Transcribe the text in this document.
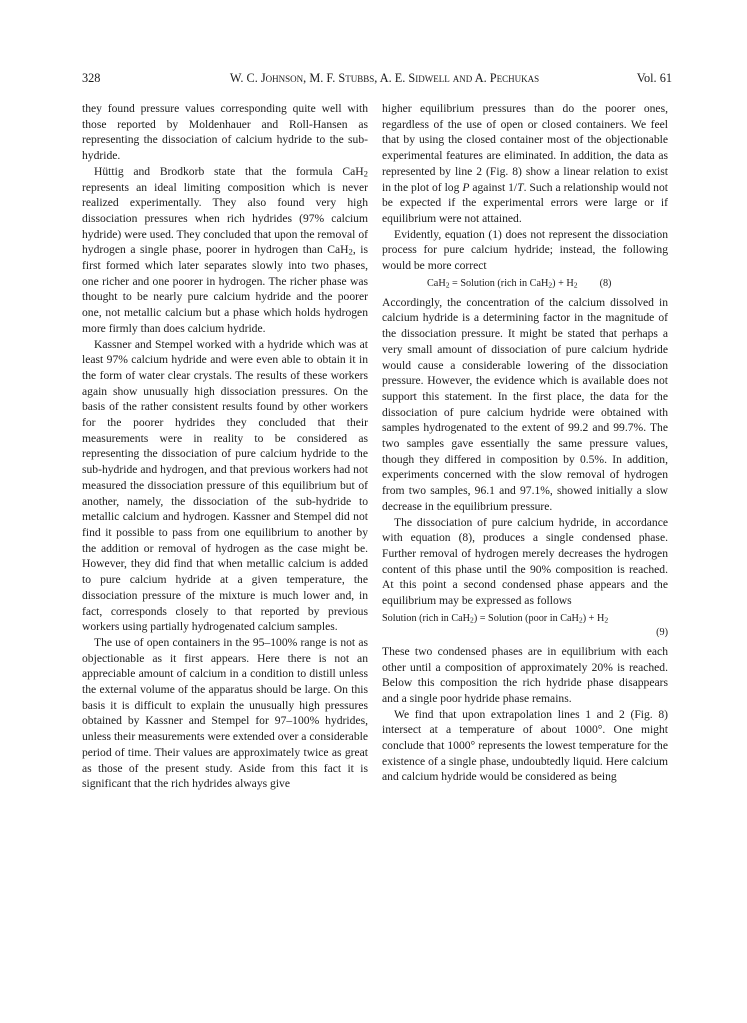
328	W. C. Johnson, M. F. Stubbs, A. E. Sidwell and A. Pechukas	Vol. 61

they found pressure values corresponding quite well with those reported by Moldenhauer and Roll-Hansen as representing the dissociation of calcium hydride to the sub-hydride.

Hüttig and Brodkorb state that the formula CaH$_2$ represents an ideal limiting composition which is never realized experimentally. They also found very high dissociation pressures when rich hydrides (97% calcium hydride) were used. They concluded that upon the removal of hydrogen a single phase, poorer in hydrogen than CaH$_2$, is first formed which later separates slowly into two phases, one richer and one poorer in hydrogen. The richer phase was thought to be nearly pure calcium hydride and the poorer one, not metallic calcium but a phase which holds hydrogen more firmly than does calcium hydride.

Kassner and Stempel worked with a hydride which was at least 97% calcium hydride and were even able to obtain it in the form of water clear crystals. The results of these workers again show unusually high dissociation pressures. On the basis of the rather consistent results found by other workers for the poorer hydrides they concluded that their measurements were in reality to be considered as representing the dissociation of pure calcium hydride to the sub-hydride and hydrogen, and that previous workers had not measured the dissociation pressure of this equilibrium but of another, namely, the dissociation of the sub-hydride to metallic calcium and hydrogen. Kassner and Stempel did not find it possible to pass from one equilibrium to another by the addition or removal of hydrogen as the case might be. However, they did find that when metallic calcium is added to pure calcium hydride at a given temperature, the dissociation pressure of the mixture is much lower and, in fact, corresponds closely to that reported by previous workers using partially hydrogenated calcium samples.

The use of open containers in the 95–100% range is not as objectionable as it first appears. Here there is not an appreciable amount of calcium in a condition to distill unless the external volume of the apparatus should be large. On this basis it is difficult to explain the unusually high pressures obtained by Kassner and Stempel for 97–100% hydrides, unless their measurements were extended over a considerable period of time. Their values are approximately twice as great as those of the present study. Aside from this fact it is significant that the rich hydrides always give

higher equilibrium pressures than do the poorer ones, regardless of the use of open or closed containers. We feel that by using the closed container most of the objectionable experimental features are eliminated. In addition, the data as represented by line 2 (Fig. 8) show a linear relation to exist in the plot of log P against 1/T. Such a relationship would not be expected if the experimental errors were large or if equilibrium were not attained.

Evidently, equation (1) does not represent the dissociation process for pure calcium hydride; instead, the following would be more correct

CaH$_2$ = Solution (rich in $CaH_2) + H_2$ (8)

Accordingly, the concentration of the calcium dissolved in calcium hydride is a determining factor in the magnitude of the dissociation pressure. It might be stated that perhaps a very small amount of dissociation of pure calcium hydride would cause a considerable lowering of the dissociation pressure. However, the evidence which is available does not support this statement. In the first place, the data for the dissociation of pure calcium hydride were obtained with samples hydrogenated to the extent of 99.2 and 99.7%. The two samples gave essentially the same pressure values, though they differed in composition by 0.5%. In addition, experiments concerned with the slow removal of hydrogen from two samples, 96.1 and 97.1%, showed initially a slow decrease in the equilibrium pressure.

The dissociation of pure calcium hydride, in accordance with equation (8), produces a single condensed phase. Further removal of hydrogen merely decreases the hydrogen content of this phase until the 90% composition is reached. At this point a second condensed phase appears and the equilibrium may be expressed as follows

Solution (rich in CaH$_2$) = Solution (poor in $CaH_2) + H_2$
(9)

These two condensed phases are in equilibrium with each other until a composition of approximately 20% is reached. Below this composition the rich hydride phase disappears and a single poor hydride phase remains.

We find that upon extrapolation lines 1 and 2 (Fig. 8) intersect at a temperature of about 1000°. One might conclude that 1000° represents the lowest temperature for the existence of a single phase, undoubtedly liquid. Here calcium and calcium hydride would be considered as being
